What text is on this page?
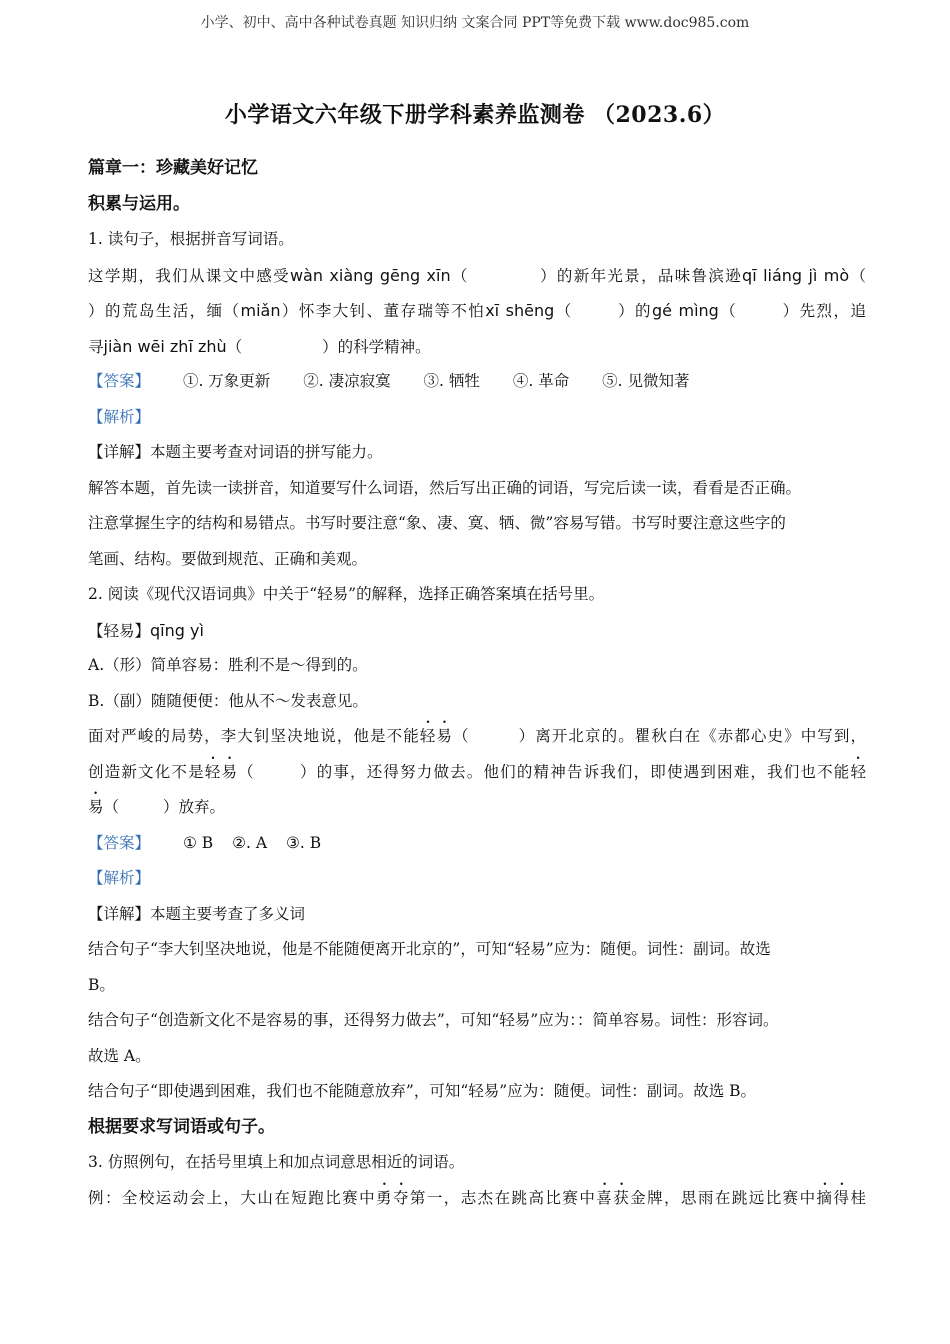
小学、初中、高中各种试卷真题 知识归纳 文案合同 PPT等免费下载 www.doc985.com
小学语文六年级下册学科素养监测卷 （2023.6）
篇章一：珍藏美好记忆
积累与运用。
1. 读句子，根据拼音写词语。
这学期，我们从课文中感受wàn xiàng gēng xīn（	）的新年光景，品味鲁滨逊qī liáng jì mò（
）的荒岛生活，缅（miǎn）怀李大钊、董存瑞等不怕xī shēng（	）的gé mìng（	）先烈，追
寻jiàn wēi zhī zhù（	）的科学精神。
【答案】 ①. 万象更新 ②. 凄凉寂寞 ③. 牺牲 ④. 革命 ⑤. 见微知著
【解析】
【详解】本题主要考查对词语的拼写能力。
解答本题，首先读一读拼音，知道要写什么词语，然后写出正确的词语，写完后读一读，看看是否正确。
注意掌握生字的结构和易错点。书写时要注意“象、凄、寞、牺、微”容易写错。书写时要注意这些字的
笔画、结构。要做到规范、正确和美观。
2. 阅读《现代汉语词典》中关于“轻易”的解释，选择正确答案填在括号里。
【轻易】qīng yì
A.（形）简单容易：胜利不是～得到的。
B.（副）随随便便：他从不～发表意见。
面对严峻的局势，李大钊坚决地说，他是不能轻易（	）离开北京的。瞿秋白在《赤都心史》中写到，
创造新文化不是轻易（	）的事，还得努力做去。他们的精神告诉我们，即使遇到困难，我们也不能轻
易（	）放弃。
【答案】 ① B ②. A ③. B
【解析】
【详解】本题主要考查了多义词
结合句子“李大钊坚决地说，他是不能随便离开北京的”，可知“轻易”应为：随便。词性：副词。故选
B。
结合句子“创造新文化不是容易的事，还得努力做去”，可知“轻易”应为：：简单容易。词性：形容词。
故选 A。
结合句子“即使遇到困难，我们也不能随意放弃”，可知“轻易”应为：随便。词性：副词。故选 B。
根据要求写词语或句子。
3. 仿照例句，在括号里填上和加点词意思相近的词语。
例：全校运动会上，大山在短跑比赛中勇夺第一，志杰在跳高比赛中喜获金牌，思雨在跳远比赛中摘得桂
